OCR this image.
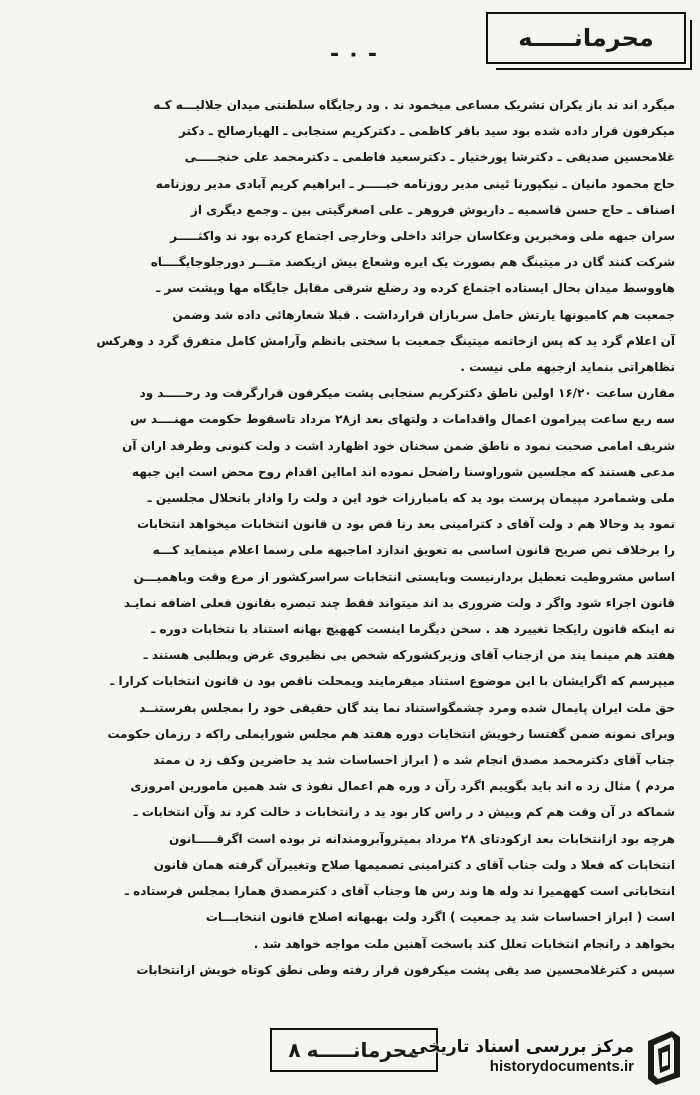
محرمانـــــه
- ٠ -

میگرد اند ند باز یکران تشریک مساعی میخمود ند . ود رجایگاه سلطنتی میدان جلالیـــه کـه

میکرفون قرار داده شده بود سید باقر کاظمی ـ دکترکریم سنجابی ـ الهیارصالح ـ دکتر

غلامحسین صدیقی ـ دکترشا پورختیار ـ دکترسعید فاطمی ـ دکترمحمد علی خنجـــــی

حاج محمود مانیان ـ نیکپورنا ئینی مدیر روزنامه خبـــــر ـ ابراهیم کریم آبادی مدیر روزنامه

اصناف ـ حاج حسن قاسمیه ـ داریوش فروهر ـ علی اصغرگیتی بین ـ وجمع دیگری از

سران جبهه ملی ومخبرین وعکاسان جرائد داخلی وخارجی اجتماع کرده بود ند واکثـــــر

شرکت کنند گان در میتینگ هم بصورت یک ایره وشعاع بیش ازیکصد متـــر دورجلوجایگــــاه

هاووسط میدان بحال ایستاده اجتماع کرده ود رضلع شرقی مقابل جایگاه مها وپشت سر ـ

جمعیت هم کامیونها یارتش حامل سربازان قرارداشت . قبلا شعارهائی داده شد وضمن

آن اعلام گرد ید که پس ازخاتمه میتینگ جمعیت با سختی بانظم وآرامش کامل متفرق گرد د وهرکس

تظاهراتی بنماید ازجبهه ملی نیست .

مقارن ساعت ۱۶/۲۰ اولین ناطق دکترکریم سنجابی پشت میکرفون قرارگرفت ود رحـــــد ود

سه ربع ساعت پیرامون اعمال واقدامات د ولتهای بعد از۲۸ مرداد تاسقوط حکومت مهنــــد س

شریف امامی صحبت نمود ه ناطق ضمن سخنان خود اظهارد اشت د ولت کنونی وطرفد اران آن

مدعی هستند که مجلسین شوراوسنا راضحل نموده اند امااین اقدام روح محض است این جبهه

ملی وشمامرد مپیمان پرست بود ید که بامبارزات خود این د ولت را وادار بانحلال مجلسین ـ

نمود ید وحالا هم د ولت آقای د کترامینی بعد رنا قص بود ن قانون انتخابات میخواهد انتخابات

را برخلاف نص صریح قانون اساسی به تعویق اندازد اماجبهه ملی رسما اعلام مینماید کـــه

اساس مشروطیت تعطیل بردارنیست وبایستی انتخابات سراسرکشور از مرع وقت وباهمیـــن

قانون اجراء شود واگر د ولت ضروری بد اند میتواند فقط چند تبصره بقانون فعلی اضافه نمایـد

نه اینکه قانون رایکجا تغییرد هد . سخن دیگرما اینست کههیچ بهانه استناد با نتخابات دوره ـ

هفتد هم مینما یند من ازجناب آقای وزیرکشورکه شخص بی نظیروی غرض وبطلبی هستند ـ

میپرسم که اگرایشان با این موضوع استناد میفرمایند ویمحلت ناقص بود ن قانون انتخابات کرارا ـ

حق ملت ایران پایمال شده ومرد چشمگواستناد نما یند گان حقیقی خود را بمجلس بفرستنــد

وبرای نمونه ضمن گفتسا رخویش انتخابات دوره هفتد هم مجلس شورایملی راکه د رزمان حکومت

جناب آقای دکترمحمد مصدق انجام شد ه ( ابراز احساسات شد ید حاضرین وکف زد ن ممتد

مردم ) مثال زد ه اند باید بگوییم اگرد رآن د وره هم اعمال نفوذ ی شد همین مامورین امروزی

شماکه در آن وقت هم کم وبیش د ر راس کار بود ید د رانتخابات د خالت کرد ند وآن انتخابات ـ

هرچه بود ازانتخابات بعد ازکودتای ۲۸ مرداد بمیتروآبرومندانه تر بوده است اگرقـــــانون

انتخابات که فعلا د ولت جناب آقای د کترامینی تصمیمها صلاح وتغییرآن گرفته همان قانون

انتخاباتی است کههمیرا ند وله ها وند رس ها وجناب آقای د کترمصدق همارا بمجلس فرستاده ـ

است ( ابراز احساسات شد ید جمعیت ) اگرد ولت بهبهانه اصلاح قانون انتخابـــات

بخواهد د رانجام انتخابات تعلل کند باسخت آهنین ملت مواجه خواهد شد .

سپس د کترغلامحسین صد یقی پشت میکرفون قرار رفته وطی نطق کوتاه خویش ازانتخابات

محرمانـــــه
۸	مرکز بررسی اسناد تاریخی
historydocuments.ir
